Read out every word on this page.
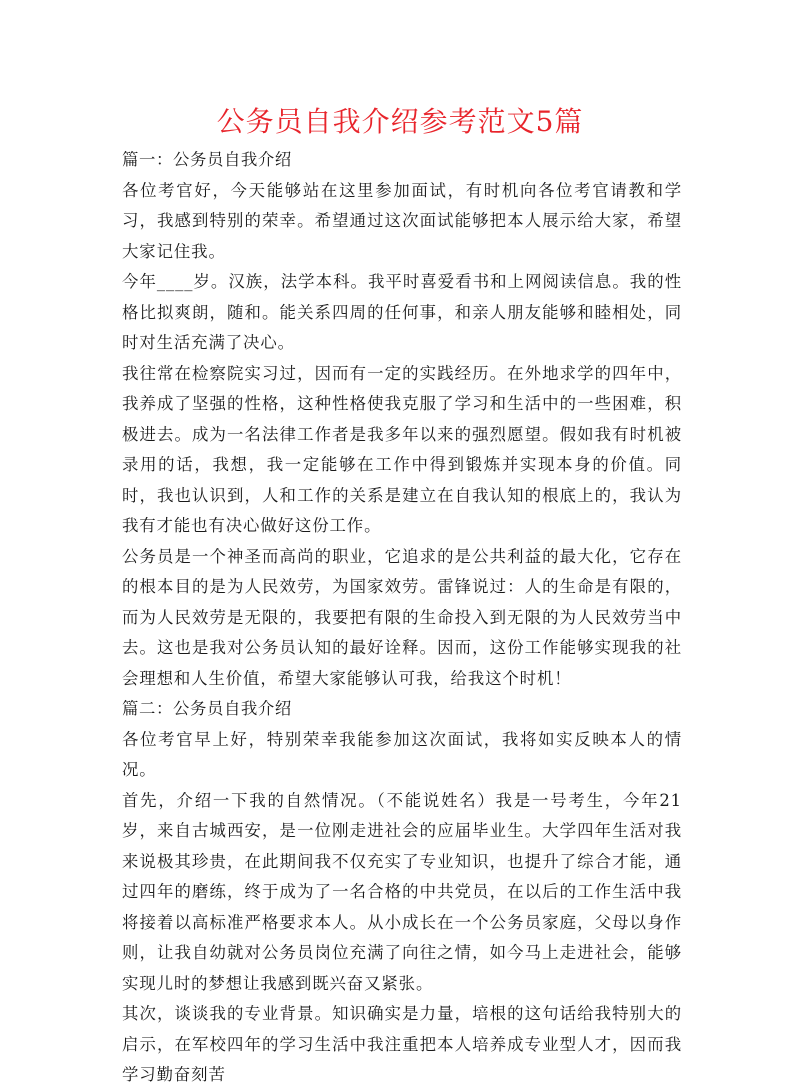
公务员自我介绍参考范文5篇

篇一：公务员自我介绍

各位考官好，今天能够站在这里参加面试，有时机向各位考官请教和学习，我感到特别的荣幸。希望通过这次面试能够把本人展示给大家，希望大家记住我。

今年____岁。汉族，法学本科。我平时喜爱看书和上网阅读信息。我的性格比拟爽朗，随和。能关系四周的任何事，和亲人朋友能够和睦相处，同时对生活充满了决心。

我往常在检察院实习过，因而有一定的实践经历。在外地求学的四年中，我养成了坚强的性格，这种性格使我克服了学习和生活中的一些困难，积极进去。成为一名法律工作者是我多年以来的强烈愿望。假如我有时机被录用的话，我想，我一定能够在工作中得到锻炼并实现本身的价值。同时，我也认识到，人和工作的关系是建立在自我认知的根底上的，我认为我有才能也有决心做好这份工作。

公务员是一个神圣而高尚的职业，它追求的是公共利益的最大化，它存在的根本目的是为人民效劳，为国家效劳。雷锋说过：人的生命是有限的，而为人民效劳是无限的，我要把有限的生命投入到无限的为人民效劳当中去。这也是我对公务员认知的最好诠释。因而，这份工作能够实现我的社会理想和人生价值，希望大家能够认可我，给我这个时机！

篇二：公务员自我介绍

各位考官早上好，特别荣幸我能参加这次面试，我将如实反映本人的情况。

首先，介绍一下我的自然情况。（不能说姓名）我是一号考生，今年21岁，来自古城西安，是一位刚走进社会的应届毕业生。大学四年生活对我来说极其珍贵，在此期间我不仅充实了专业知识，也提升了综合才能，通过四年的磨练，终于成为了一名合格的中共党员，在以后的工作生活中我将接着以高标准严格要求本人。从小成长在一个公务员家庭，父母以身作则，让我自幼就对公务员岗位充满了向往之情，如今马上走进社会，能够实现儿时的梦想让我感到既兴奋又紧张。

其次，谈谈我的专业背景。知识确实是力量，培根的这句话给我特别大的启示，在军校四年的学习生活中我注重把本人培养成专业型人才，因而我学习勤奋刻苦
